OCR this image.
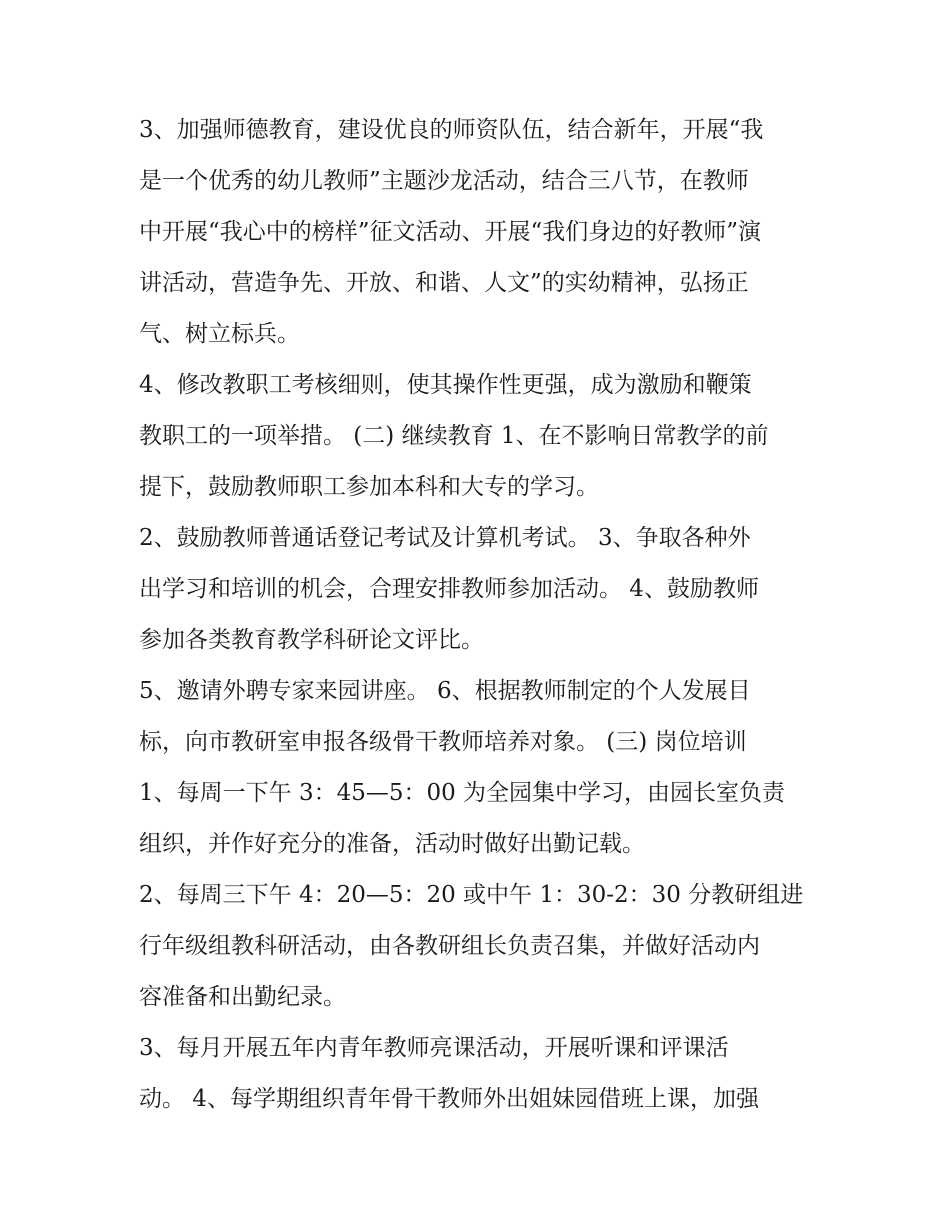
3、加强师德教育，建设优良的师资队伍，结合新年，开展“我
是一个优秀的幼儿教师”主题沙龙活动，结合三八节，在教师
中开展“我心中的榜样”征文活动、开展“我们身边的好教师”演
讲活动，营造争先、开放、和谐、人文”的实幼精神，弘扬正
气、树立标兵。
4、修改教职工考核细则，使其操作性更强，成为激励和鞭策
教职工的一项举措。 (二) 继续教育 1、在不影响日常教学的前
提下，鼓励教师职工参加本科和大专的学习。
2、鼓励教师普通话登记考试及计算机考试。 3、争取各种外
出学习和培训的机会，合理安排教师参加活动。 4、鼓励教师
参加各类教育教学科研论文评比。
5、邀请外聘专家来园讲座。 6、根据教师制定的个人发展目
标，向市教研室申报各级骨干教师培养对象。 (三) 岗位培训
1、每周一下午 3：45—5：00 为全园集中学习，由园长室负责
组织，并作好充分的准备，活动时做好出勤记载。
2、每周三下午 4：20—5：20 或中午 1：30-2：30 分教研组进
行年级组教科研活动，由各教研组长负责召集，并做好活动内
容准备和出勤纪录。
3、每月开展五年内青年教师亮课活动，开展听课和评课活
动。 4、每学期组织青年骨干教师外出姐妹园借班上课，加强
